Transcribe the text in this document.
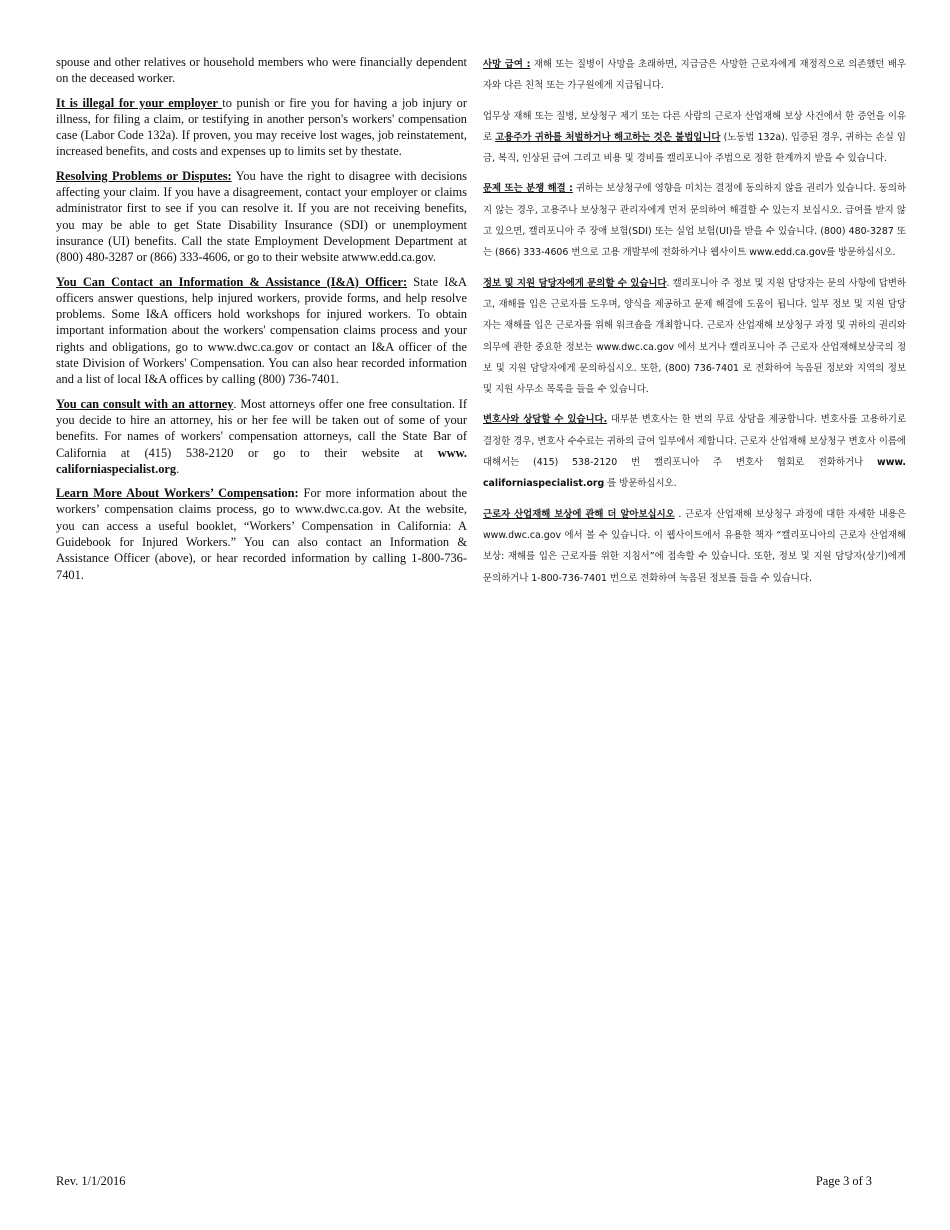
spouse and other relatives or household members who were financially dependent on the deceased worker.

It is illegal for your employer to punish or fire you for having a job injury or illness, for filing a claim, or testifying in another person's workers' compensation case (Labor Code 132a). If proven, you may receive lost wages, job reinstatement, increased benefits, and costs and expenses up to limits set by thestate.

Resolving Problems or Disputes: You have the right to disagree with decisions affecting your claim. If you have a disagreement, contact your employer or claims administrator first to see if you can resolve it. If you are not receiving benefits, you may be able to get State Disability Insurance (SDI) or unemployment insurance (UI) benefits. Call the state Employment Development Department at (800) 480-3287 or (866) 333-4606, or go to their website atwww.edd.ca.gov.

You Can Contact an Information & Assistance (I&A) Officer: State I&A officers answer questions, help injured workers, provide forms, and help resolve problems. Some I&A officers hold workshops for injured workers. To obtain important information about the workers' compensation claims process and your rights and obligations, go to www.dwc.ca.gov or contact an I&A officer of the state Division of Workers' Compensation. You can also hear recorded information and a list of local I&A offices by calling (800) 736-7401.

You can consult with an attorney. Most attorneys offer one free consultation. If you decide to hire an attorney, his or her fee will be taken out of some of your benefits. For names of workers' compensation attorneys, call the State Bar of California at (415) 538-2120 or go to their website at www. californiaspecialist.org.

Learn More About Workers’ Compensation: For more information about the workers’ compensation claims process, go to www.dwc.ca.gov. At the website, you can access a useful booklet, “Workers’ Compensation in California: A Guidebook for Injured Workers.” You can also contact an Information & Assistance Officer (above), or hear recorded information by calling 1-800-736-7401.

사망 급여 : 재해 또는 질병이 사망을 초래하면, 지급금은 사망한 근로자에게 재정적으로 의존했던 배우자와 다른 친척 또는 가구원에게 지급됩니다.

업무상 재해 또는 질병, 보상청구 제기 또는 다른 사람의 근로자 산업재해 보상 사건에서 한 증언을 이유로 고용주가 귀하를 처벌하거나 해고하는 것은 불법입니다 (노동법 132a). 입증된 경우, 귀하는 손실 임금, 복직, 인상된 급여 그리고 비용 및 경비를 캘리포니아 주법으로 정한 한계까지 받을 수 있습니다.

문제 또는 분쟁 해결 : 귀하는 보상청구에 영향을 미치는 결정에 동의하지 않을 권리가 있습니다. 동의하지 않는 경우, 고용주나 보상청구 관리자에게 먼저 문의하여 해결할 수 있는지 보십시오. 급여를 받지 않고 있으면, 캘리포니아 주 장애 보험(SDI) 또는 실업 보험(UI)을 받을 수 있습니다. (800) 480-3287 또는 (866) 333-4606 번으로 고용 개발부에 전화하거나 웹사이트 www.edd.ca.gov를 방문하십시오.

정보 및 지원 담당자에게 문의할 수 있습니다. 캘리포니아 주 정보 및 지원 담당자는 문의 사항에 답변하고, 재해를 입은 근로자를 도우며, 양식을 제공하고 문제 해결에 도움이 됩니다. 일부 정보 및 지원 담당자는 재해를 입은 근로자를 위해 워크숍을 개최합니다. 근로자 산업재해 보상청구 과정 및 귀하의 권리와 의무에 관한 중요한 정보는 www.dwc.ca.gov 에서 보거나 캘리포니아 주 근로자 산업재해보상국의 정보 및 지원 담당자에게 문의하십시오. 또한, (800) 736-7401 로 전화하여 녹음된 정보와 지역의 정보 및 지원 사무소 목록을 들을 수 있습니다.

변호사와 상담할 수 있습니다. 대부분 변호사는 한 번의 무료 상담을 제공합니다. 변호사를 고용하기로 결정한 경우, 변호사 수수료는 귀하의 급여 일부에서 제합니다. 근로자 산업재해 보상청구 변호사 이름에 대해서는 (415) 538-2120 번 캘리포니아 주 변호사 협회로 전화하거나 www. californiaspecialist.org 를 방문하십시오.

근로자 산업재해 보상에 관해 더 알아보십시오 . 근로자 산업재해 보상청구 과정에 대한 자세한 내용은 www.dwc.ca.gov 에서 볼 수 있습니다. 이 웹사이트에서 유용한 책자 “캘리포니아의 근로자 산업재해 보상: 재해를 입은 근로자를 위한 지침서”에 접속할 수 있습니다. 또한, 정보 및 지원 담당자(상기)에게 문의하거나 1-800-736-7401 번으로 전화하여 녹음된 정보를 들을 수 있습니다.

Rev. 1/1/2016	Page 3 of 3
